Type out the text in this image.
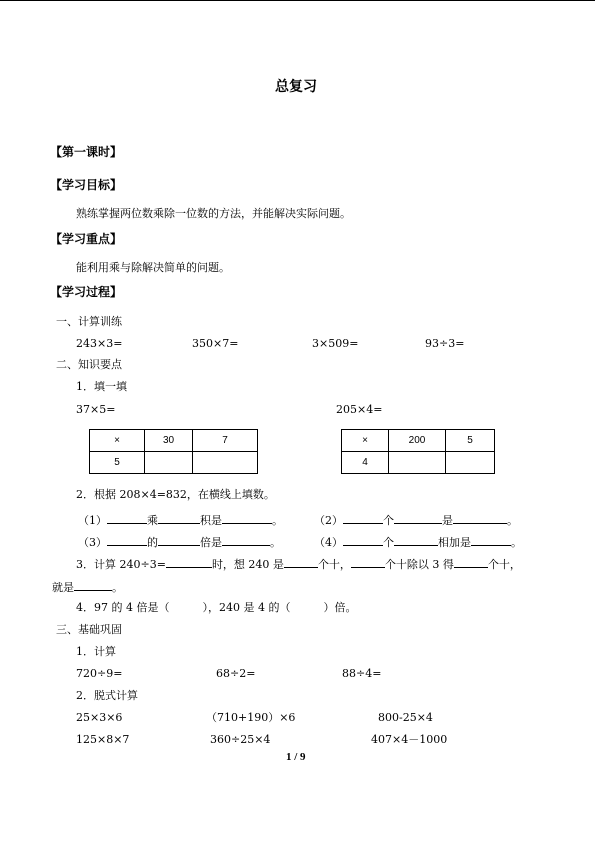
总复习
【第一课时】
【学习目标】
熟练掌握两位数乘除一位数的方法，并能解决实际问题。
【学习重点】
能利用乘与除解决简单的问题。
【学习过程】
一、计算训练
243×3=	350×7=	3×509=	93÷3=
二、知识要点
1．填一填
37×5=	205×4=
×	30	7
5		
×	200	5
4		
2．根据 208×4=832，在横线上填数。
（1）	乘	积是	。	（2）	个	是	。
（3）	的	倍是	。	（4）	个	相加是	。
3．计算 240÷3=	时，想 240 是	个十，	个十除以 3 得	个十，
就是	。
4．97 的 4 倍是（　　　），240 是 4 的（　　　）倍。
三、基础巩固
1．计算
720÷9=	68÷2=	88÷4=
2．脱式计算
25×3×6	（710+190）×6	800-25×4
125×8×7	360÷25×4	407×4－1000
1 / 9
